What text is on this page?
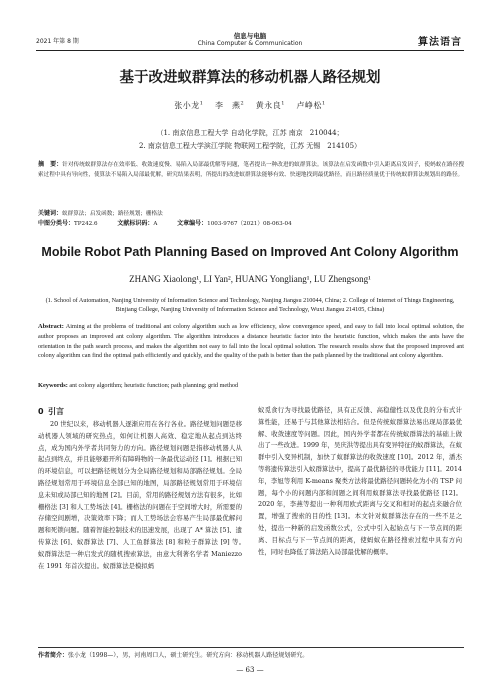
2021 年第 8 期
信息与电脑
China Computer & Communication	算法语言
基于改进蚁群算法的移动机器人路径规划
张小龙$^1$  李　燕$^2$  黄永良$^1$  卢峥松$^1$
（1. 南京信息工程大学 自动化学院，江苏 南京　210044；
2. 南京信息工程大学滨江学院 物联网工程学院，江苏 无锡　214105）
摘　要：针对传统蚁群算法存在效率低、收敛速度慢、易陷入局部最优解等问题，笔者提出一种改进的蚁群算法。该算法在启发函数中引入距离启发因子，使蚂蚁在路径搜索过程中具有导向性，使算法不易陷入局部最优解，研究结果表明，所提出的改进蚁群算法能够有效、快速地找到最优路径，而且路径质量优于传统蚁群算法规划出的路径。
关键词：蚁群算法；启发函数；路径规划；栅格法
中图分类号：TP242.6	文献标识码：A	文章编号：1003-9767（2021）08-063-04
Mobile Robot Path Planning Based on Improved Ant Colony Algorithm
ZHANG Xiaolong¹, LI Yan², HUANG Yongliang¹, LU Zhengsong¹
(1. School of Automation, Nanjing University of Information Science and Technology, Nanjing Jiangsu 210044, China; 2. College of Internet of Things Engineering, Binjiang College, Nanjing University of Information Science and Technology, Wuxi Jiangsu 214105, China)
Abstract: Aiming at the problems of traditional ant colony algorithm such as low efficiency, slow convergence speed, and easy to fall into local optimal solution, the author proposes an improved ant colony algorithm. The algorithm introduces a distance heuristic factor into the heuristic function, which makes the ants have the orientation in the path search process, and makes the algorithm not easy to fall into the local optimal solution. The research results show that the proposed improved ant colony algorithm can find the optimal path efficiently and quickly, and the quality of the path is better than the path planned by the traditional ant colony algorithm.
Keywords: ant colony algorithm; heuristic function; path planning; grid method
0 引言

20 世纪以来，移动机器人逐渐应用在各行各业。路径规划问题是移动机器人领域的研究热点，如何让机器人高效、稳定地从起点到达终点，成为国内外学者共同努力的方向。路径规划问题是指移动机器人从起点到终点，并且能够避开所有障碍物的一条最优运动径 [1]。根据已知的环境信息，可以把路径规划分为全局路径规划和局部路径规划。全局路径规划常用于环境信息全部已知的地图，局部路径规划常用于环境信息未知或局部已知的地图 [2]。目前，常用的路径规划方法有很多，比如栅格法 [3] 和人工势场法 [4]。栅格法的问题在于空间增大时，所需要的存储空间剧增，决策效率下降；而人工势场法会容易产生局部最优解问题和死锁问题。随着智能控制技术的迅速发展，出现了 A* 算法 [5]、遗传算法 [6]、蚁群算法 [7]、人工鱼群算法 [8] 和粒子群算法 [9] 等。　　蚁群算法是一种启发式的随机搜索算法，由意大利著名学者 Maniezzo 在 1991 年首次提出。蚁群算法是模拟蚂

蚁觅食行为寻找最优路径，具有正反馈、高稳健性以及优良的分布式计算性能，还易于与其他算法相结合。但是传统蚁群算法易出现局部最优解、收敛速度等问题。因此，国内外学者都在传统蚁群算法的基础上做出了一些改进。1999 年，吴庆洪等提出具有变异特征的蚁群算法，在蚁群中引入变异机制，加快了蚁群算法的收敛速度 [10]。2012 年，潘杰等将遗传算法引入蚁群算法中，提高了最优路径的寻优能力 [11]。2014 年，李旭等利用 K-means 聚类方法将最优路径问题转化为小的 TSP 问题，每个小的问题内部和间题之间利用蚁群算法寻找最优路径 [12]。2020 年，李燕等提出一种利用欧式距离与交叉和相对的起点来融合位置，增强了搜索的目的性 [13]。本文针对蚁群算法存在的一些不足之处，提出一种新的启发函数公式，公式中引入起始点与下一节点间的距离、目标点与下一节点间的距离，使蚂蚁在路径搜索过程中具有方向性，同时也降低了算法陷入局部最优解的概率。

作者简介：张小龙（1998—），男，河南周口人，硕士研究生。研究方向：移动机器人路径规划研究。
— 63 —
